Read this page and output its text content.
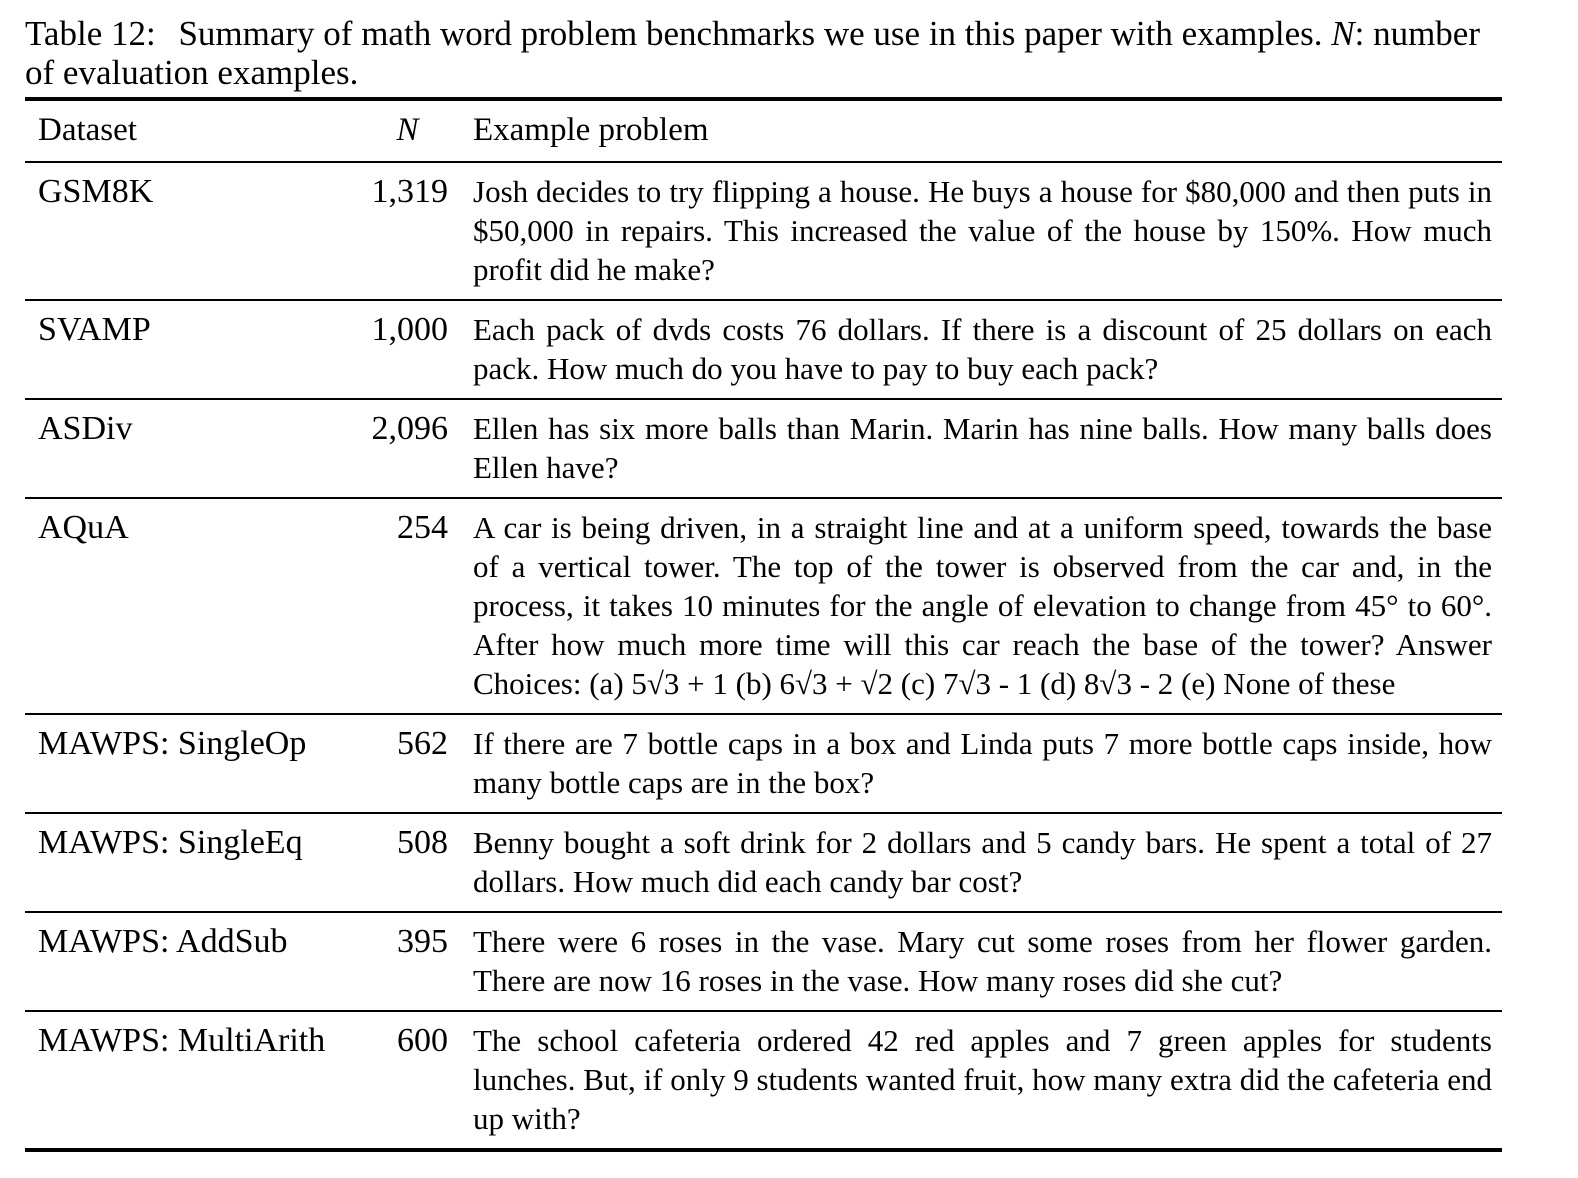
Table 12: Summary of math word problem benchmarks we use in this paper with examples. N: number of evaluation examples.
Dataset	N	Example problem
GSM8K	1,319	Josh decides to try flipping a house. He buys a house for $80,000 and then puts in $50,000 in repairs. This increased the value of the house by 150%. How much profit did he make?
SVAMP	1,000	Each pack of dvds costs 76 dollars. If there is a discount of 25 dollars on each pack. How much do you have to pay to buy each pack?
ASDiv	2,096	Ellen has six more balls than Marin. Marin has nine balls. How many balls does Ellen have?
AQuA	254	A car is being driven, in a straight line and at a uniform speed, towards the base of a vertical tower. The top of the tower is observed from the car and, in the process, it takes 10 minutes for the angle of elevation to change from 45° to 60°. After how much more time will this car reach the base of the tower? Answer Choices: (a) 5√3 + 1 (b) 6√3 + √2 (c) 7√3 - 1 (d) 8√3 - 2 (e) None of these
MAWPS: SingleOp	562	If there are 7 bottle caps in a box and Linda puts 7 more bottle caps inside, how many bottle caps are in the box?
MAWPS: SingleEq	508	Benny bought a soft drink for 2 dollars and 5 candy bars. He spent a total of 27 dollars. How much did each candy bar cost?
MAWPS: AddSub	395	There were 6 roses in the vase. Mary cut some roses from her flower garden. There are now 16 roses in the vase. How many roses did she cut?
MAWPS: MultiArith	600	The school cafeteria ordered 42 red apples and 7 green apples for students lunches. But, if only 9 students wanted fruit, how many extra did the cafeteria end up with?
